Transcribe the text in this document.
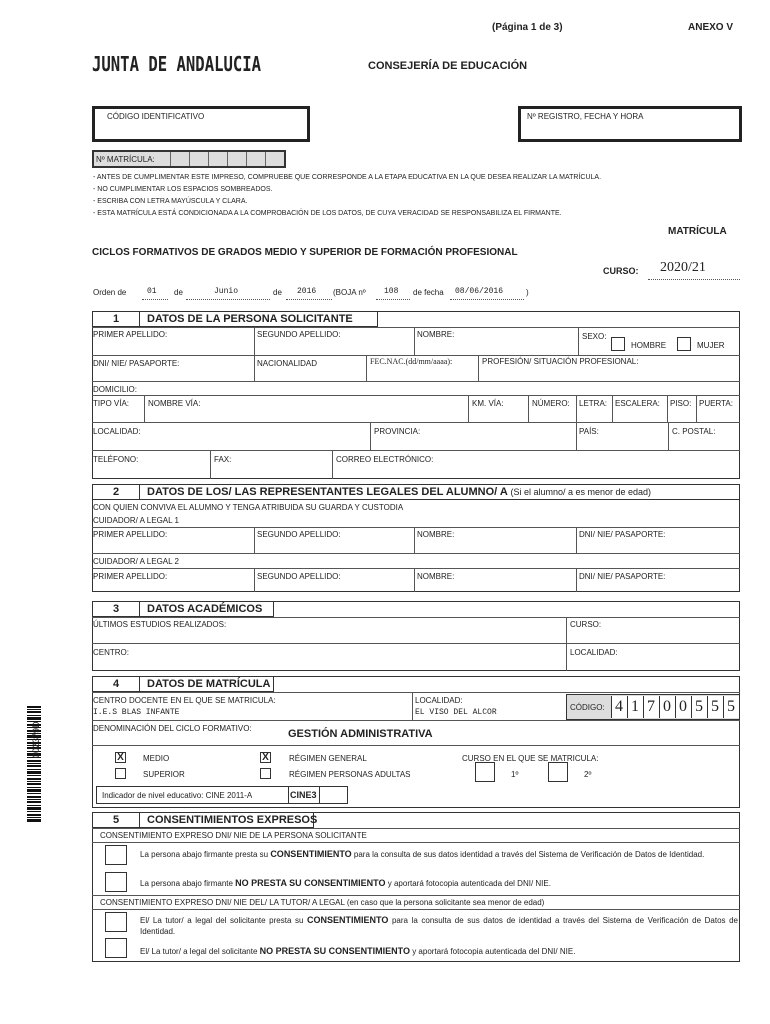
(Página 1 de 3)	ANEXO V
JUNTA DE ANDALUCIA	CONSEJERÍA DE EDUCACIÓN
CÓDIGO IDENTIFICATIVO	Nº REGISTRO, FECHA Y HORA
Nº MATRÍCULA:
- ANTES DE CUMPLIMENTAR ESTE IMPRESO, COMPRUEBE QUE CORRESPONDE A LA ETAPA EDUCATIVA EN LA QUE DESEA REALIZAR LA MATRÍCULA.
- NO CUMPLIMENTAR LOS ESPACIOS SOMBREADOS.
- ESCRIBA CON LETRA MAYÚSCULA Y CLARA.
- ESTA MATRÍCULA ESTÁ CONDICIONADA A LA COMPROBACIÓN DE LOS DATOS, DE CUYA VERACIDAD SE RESPONSABILIZA EL FIRMANTE.
MATRÍCULA
CICLOS FORMATIVOS DE GRADOS MEDIO Y SUPERIOR DE FORMACIÓN PROFESIONAL
CURSO: 2020/21
Orden de	01 de	Junio	de 2016 (BOJA nº 108 de fecha 08/06/2016	)
1	DATOS DE LA PERSONA SOLICITANTE
PRIMER APELLIDO:	SEGUNDO APELLIDO:	NOMBRE:	SEXO:
HOMBRE	MUJER
DNI/ NIE/ PASAPORTE:	NACIONALIDAD	FEC.NAC.(dd/mm/aaaa):	PROFESIÓN/ SITUACIÓN PROFESIONAL:
DOMICILIO:
TIPO VÍA: NOMBRE VÍA:	KM. VÍA:	NÚMERO: LETRA: ESCALERA: PISO: PUERTA:
LOCALIDAD:	PROVINCIA:	PAÍS:	C. POSTAL:
TELÉFONO:	FAX:	CORREO ELECTRÓNICO:
2	DATOS DE LOS/ LAS REPRESENTANTES LEGALES DEL ALUMNO/ A (Si el alumno/ a es menor de edad)
CON QUIEN CONVIVA EL ALUMNO Y TENGA ATRIBUIDA SU GUARDA Y CUSTODIA
CUIDADOR/ A LEGAL 1
PRIMER APELLIDO:	SEGUNDO APELLIDO:	NOMBRE:	DNI/ NIE/ PASAPORTE:
CUIDADOR/ A LEGAL 2
PRIMER APELLIDO:	SEGUNDO APELLIDO:	NOMBRE:	DNI/ NIE/ PASAPORTE:
3	DATOS ACADÉMICOS
ÚLTIMOS ESTUDIOS REALIZADOS:	CURSO:
CENTRO:	LOCALIDAD:
4	DATOS DE MATRÍCULA
CENTRO DOCENTE EN EL QUE SE MATRICULA:
I.E.S BLAS INFANTE
LOCALIDAD:
EL VISO DEL ALCOR
CÓDIGO: 4 1 7 0 0 5 5 5
DENOMINACIÓN DEL CICLO FORMATIVO:	GESTIÓN ADMINISTRATIVA
X MEDIO
SUPERIOR
X	RÉGIMEN GENERAL
RÉGIMEN PERSONAS ADULTAS
CURSO EN EL QUE SE MATRICULA:
1º	2º
Indicador de nivel educativo: CINE 2011-A	CINE3
5	CONSENTIMIENTOS EXPRESOS
CONSENTIMIENTO EXPRESO DNI/ NIE DE LA PERSONA SOLICITANTE
La persona abajo firmante presta su CONSENTIMIENTO para la consulta de sus datos identidad a través del Sistema de Verificación de Datos de Identidad.
La persona abajo firmante NO PRESTA SU CONSENTIMIENTO y aportará fotocopia autenticada del DNI/ NIE.
CONSENTIMIENTO EXPRESO DNI/ NIE DEL/ LA TUTOR/ A LEGAL (en caso que la persona solicitante sea menor de edad)
El/ La tutor/ a legal del solicitante presta su CONSENTIMIENTO para la consulta de sus datos de identidad a través del Sistema de Verificación de Datos de Identidad.
El/ La tutor/ a legal del solicitante NO PRESTA SU CONSENTIMIENTO y aportará fotocopia autenticada del DNI/ NIE.
002379D
